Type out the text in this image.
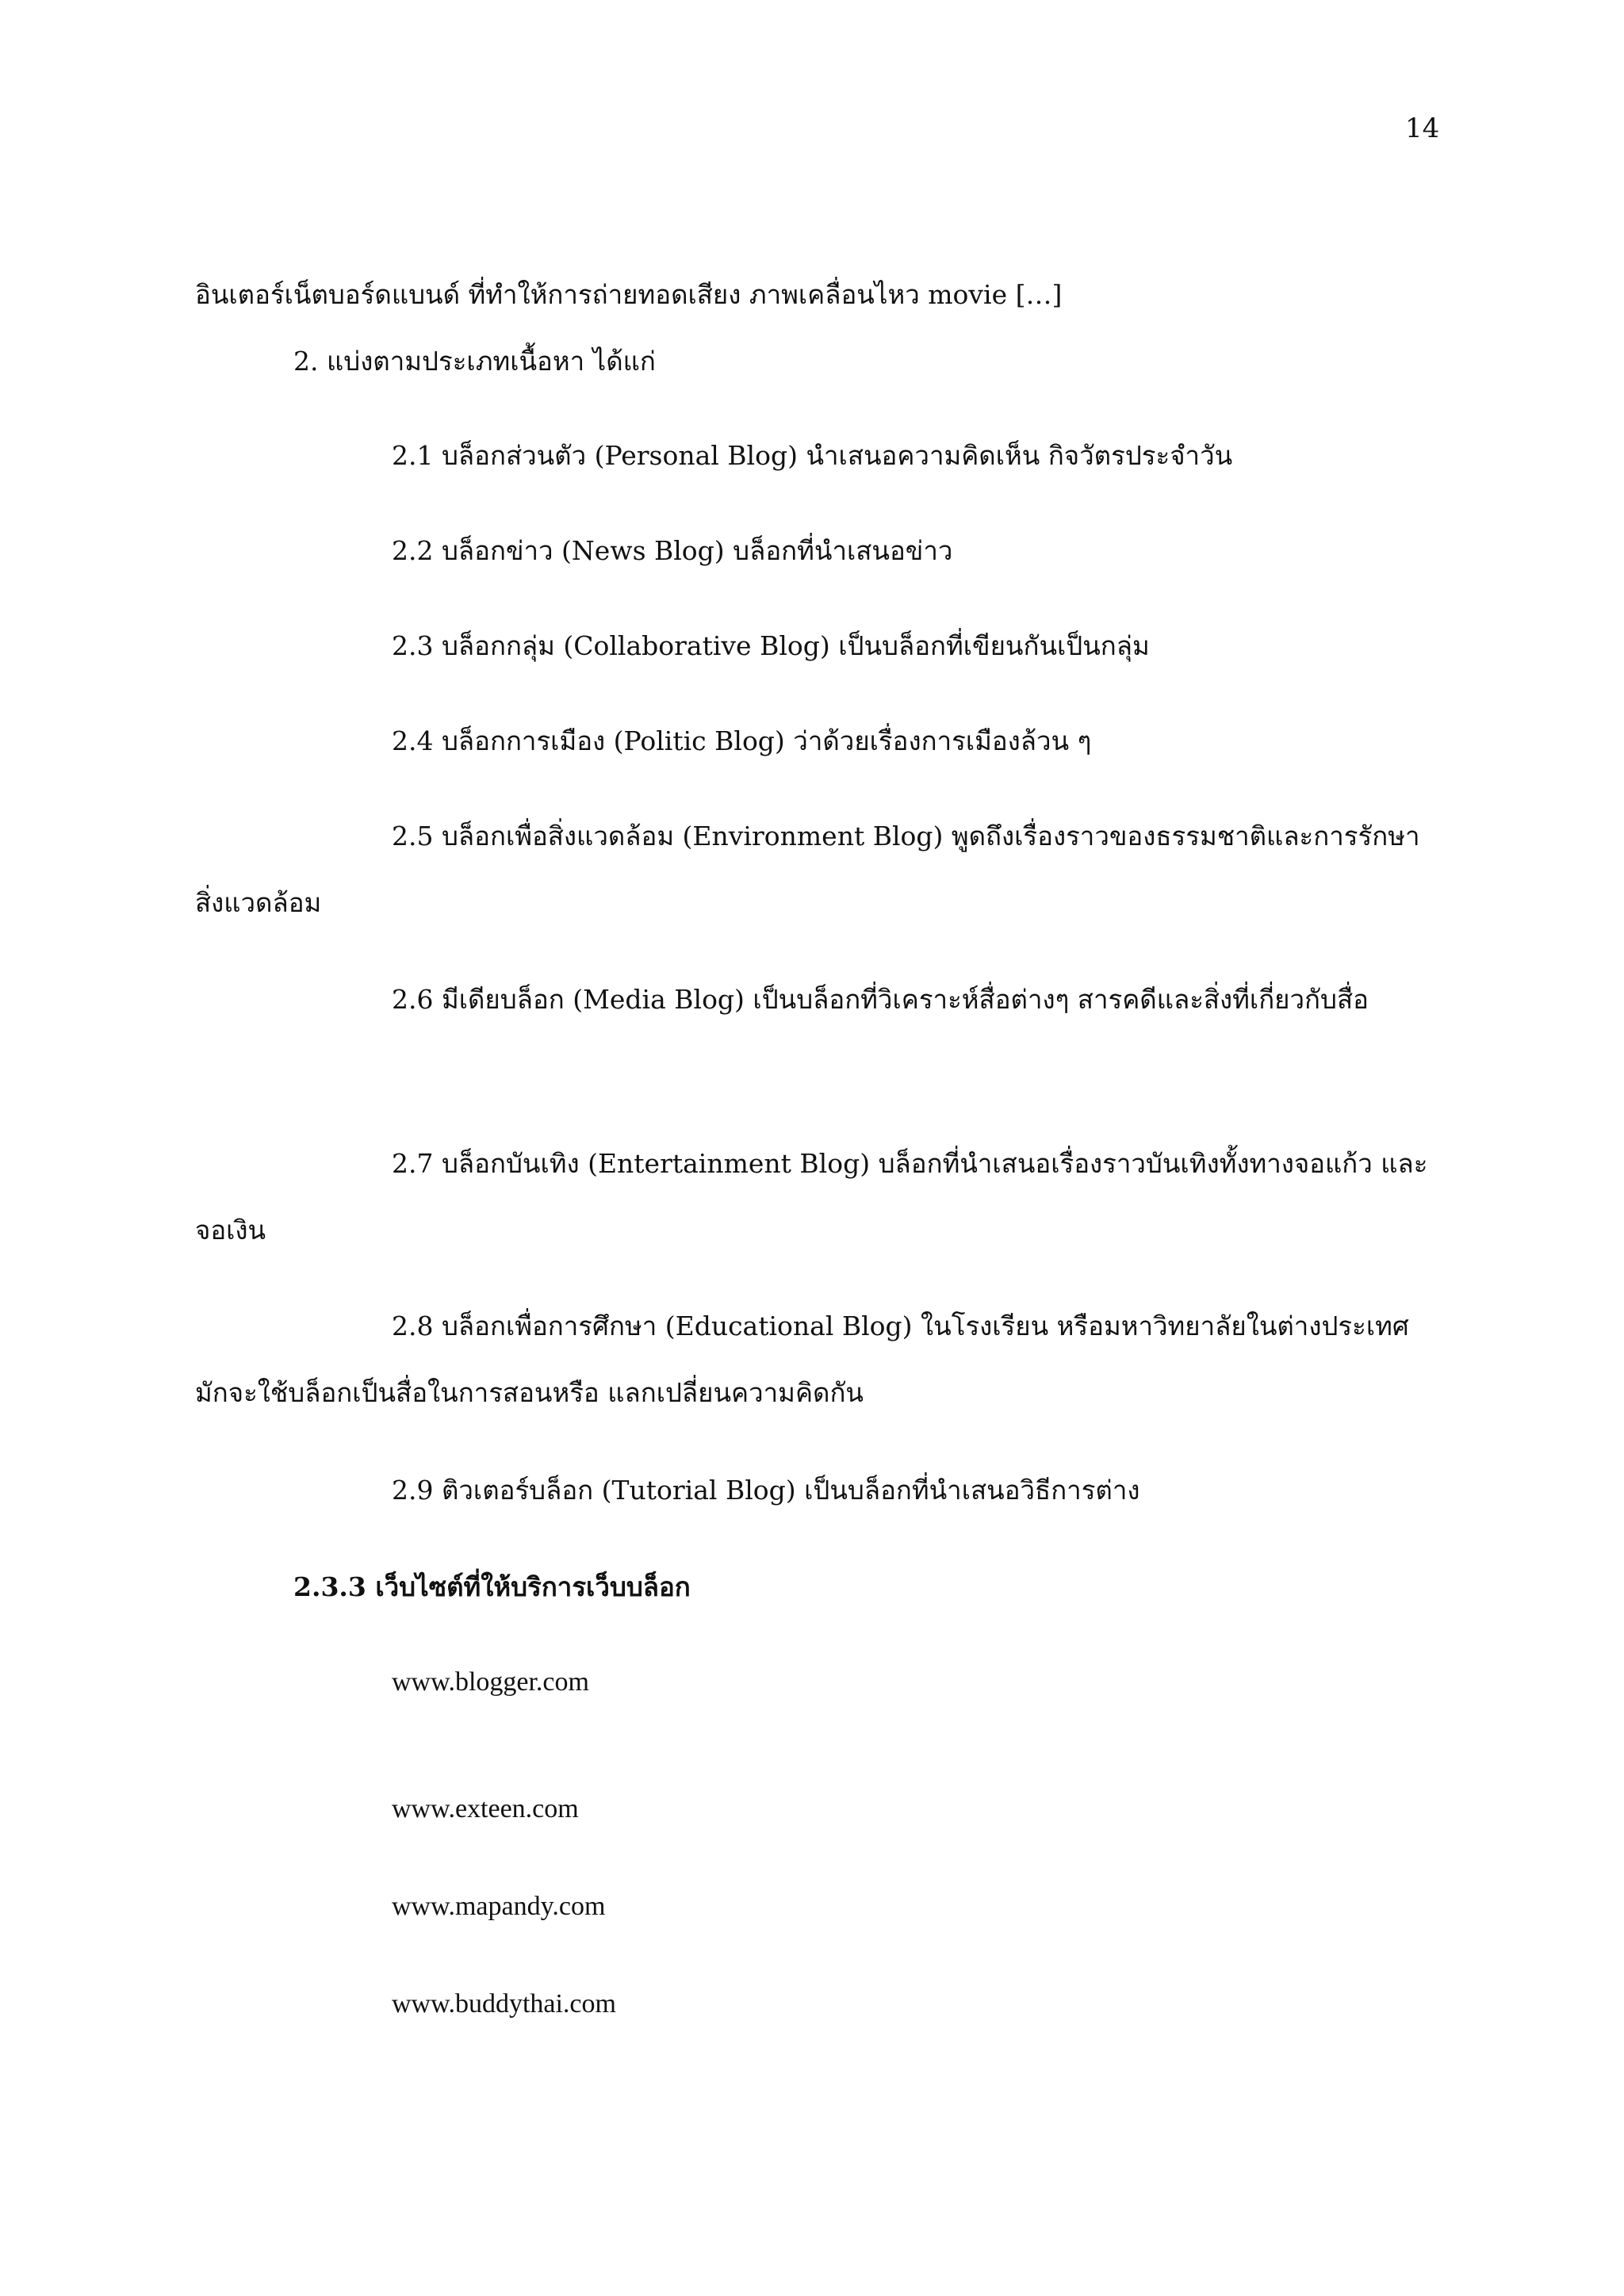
14
อินเตอร์เน็ตบอร์ดแบนด์ ที่ทำให้การถ่ายทอดเสียง ภาพเคลื่อนไหว movie […]
2. แบ่งตามประเภทเนื้อหา ได้แก่
2.1 บล็อกส่วนตัว (Personal Blog) นำเสนอความคิดเห็น กิจวัตรประจำวัน
2.2 บล็อกข่าว (News Blog) บล็อกที่นำเสนอข่าว
2.3 บล็อกกลุ่ม (Collaborative Blog) เป็นบล็อกที่เขียนกันเป็นกลุ่ม
2.4 บล็อกการเมือง (Politic Blog) ว่าด้วยเรื่องการเมืองล้วน ๆ
2.5 บล็อกเพื่อสิ่งแวดล้อม (Environment Blog) พูดถึงเรื่องราวของธรรมชาติและการรักษา
สิ่งแวดล้อม
2.6 มีเดียบล็อก (Media Blog) เป็นบล็อกที่วิเคราะห์สื่อต่างๆ สารคดีและสิ่งที่เกี่ยวกับสื่อ
2.7 บล็อกบันเทิง (Entertainment Blog) บล็อกที่นำเสนอเรื่องราวบันเทิงทั้งทางจอแก้ว และ
จอเงิน
2.8 บล็อกเพื่อการศึกษา (Educational Blog) ในโรงเรียน หรือมหาวิทยาลัยในต่างประเทศ
มักจะใช้บล็อกเป็นสื่อในการสอนหรือ แลกเปลี่ยนความคิดกัน
2.9 ติวเตอร์บล็อก (Tutorial Blog) เป็นบล็อกที่นำเสนอวิธีการต่าง
2.3.3 เว็บไซต์ที่ให้บริการเว็บบล็อก
www.blogger.com
www.exteen.com
www.mapandy.com
www.buddythai.com
